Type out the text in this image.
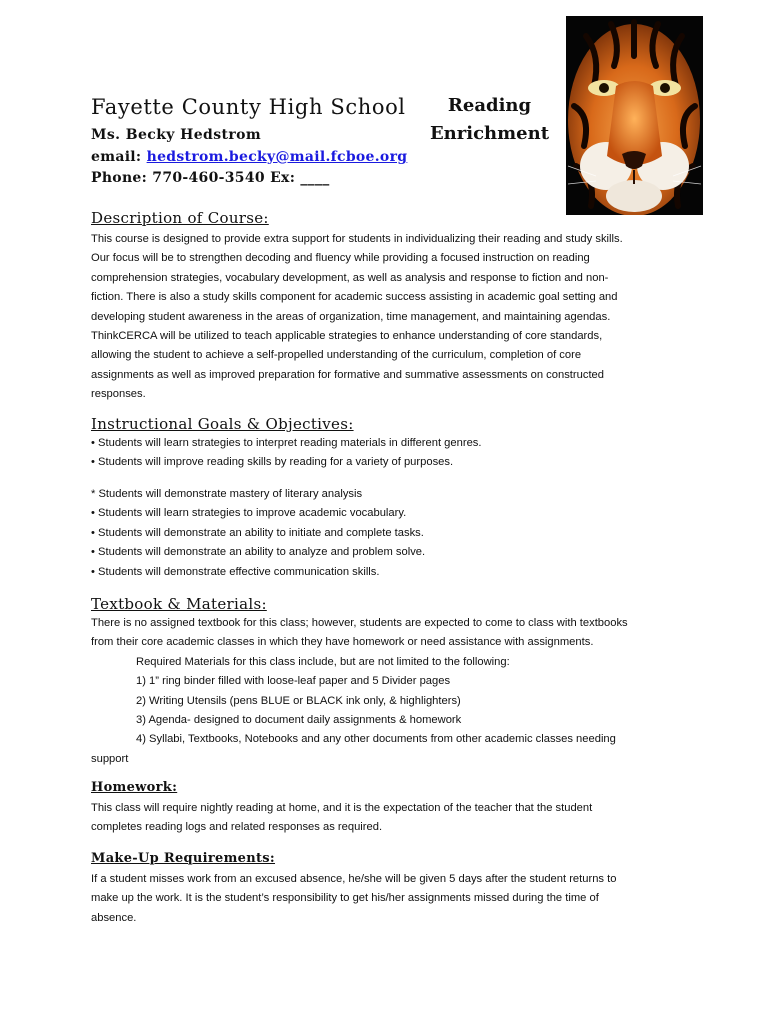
Fayette County High School
Ms. Becky Hedstrom
email: hedstrom.becky@mail.fcboe.org
Phone: 770-460-3540 Ex: ____
Reading
Enrichment
Description of Course:
This course is designed to provide extra support for students in individualizing their reading and study skills.
Our focus will be to strengthen decoding and fluency while providing a focused instruction on reading
comprehension strategies, vocabulary development, as well as analysis and response to fiction and non-
fiction. There is also a study skills component for academic success assisting in academic goal setting and
developing student awareness in the areas of organization, time management, and maintaining agendas.
ThinkCERCA will be utilized to teach applicable strategies to enhance understanding of core standards,
allowing the student to achieve a self-propelled understanding of the curriculum, completion of core
assignments as well as improved preparation for formative and summative assessments on constructed
responses.
Instructional Goals & Objectives:
• Students will learn strategies to interpret reading materials in different genres.
• Students will improve reading skills by reading for a variety of purposes.
* Students will demonstrate mastery of literary analysis
• Students will learn strategies to improve academic vocabulary.
• Students will demonstrate an ability to initiate and complete tasks.
• Students will demonstrate an ability to analyze and problem solve.
• Students will demonstrate effective communication skills.
Textbook & Materials:
There is no assigned textbook for this class; however, students are expected to come to class with textbooks
from their core academic classes in which they have homework or need assistance with assignments.
Required Materials for this class include, but are not limited to the following:
1) 1” ring binder filled with loose-leaf paper and 5 Divider pages
2) Writing Utensils (pens BLUE or BLACK ink only, & highlighters)
3) Agenda- designed to document daily assignments & homework
4) Syllabi, Textbooks, Notebooks and any other documents from other academic classes needing
support
Homework:
This class will require nightly reading at home, and it is the expectation of the teacher that the student
completes reading logs and related responses as required.
Make-Up Requirements:
If a student misses work from an excused absence, he/she will be given 5 days after the student returns to
make up the work. It is the student’s responsibility to get his/her assignments missed during the time of
absence.
